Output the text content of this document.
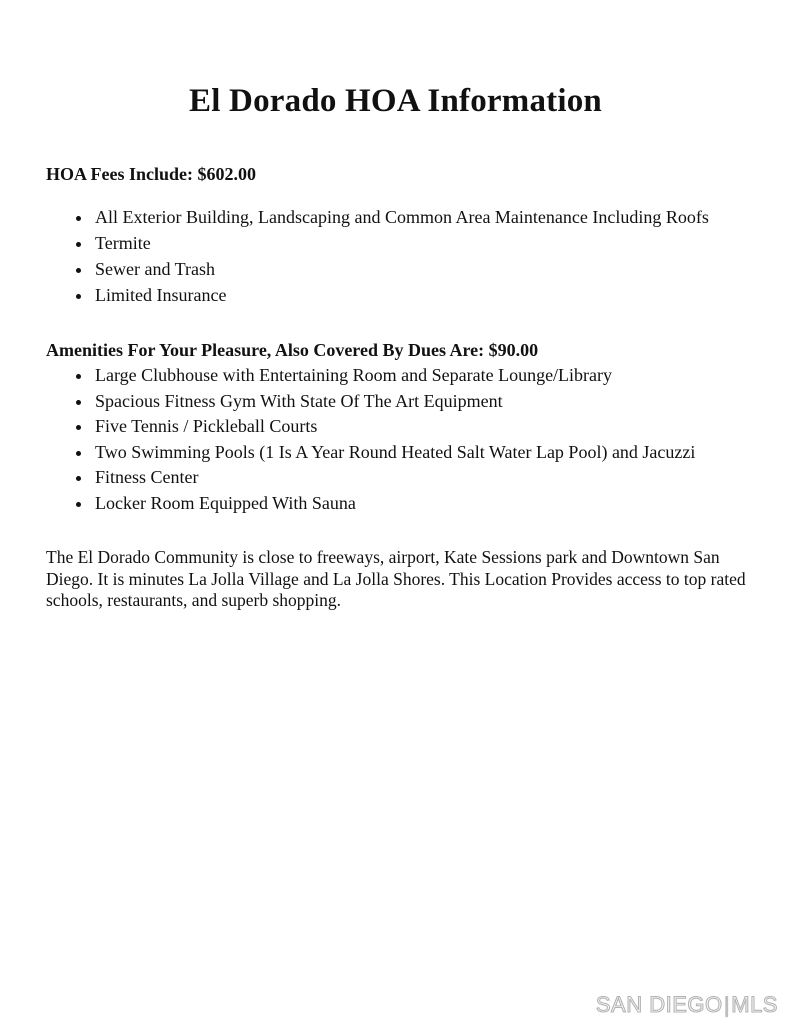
El Dorado HOA Information
HOA Fees Include: $602.00
• All Exterior Building, Landscaping and Common Area Maintenance Including Roofs
• Termite
• Sewer and Trash
• Limited Insurance
Amenities For Your Pleasure, Also Covered By Dues Are: $90.00
• Large Clubhouse with Entertaining Room and Separate Lounge/Library
• Spacious Fitness Gym With State Of The Art Equipment
• Five Tennis / Pickleball Courts
• Two Swimming Pools (1 Is A Year Round Heated Salt Water Lap Pool) and Jacuzzi
• Fitness Center
• Locker Room Equipped With Sauna

The El Dorado Community is close to freeways, airport, Kate Sessions park and Downtown San Diego. It is minutes La Jolla Village and La Jolla Shores. This Location Provides access to top rated schools, restaurants, and superb shopping.

SAN DIEGO|MLS
